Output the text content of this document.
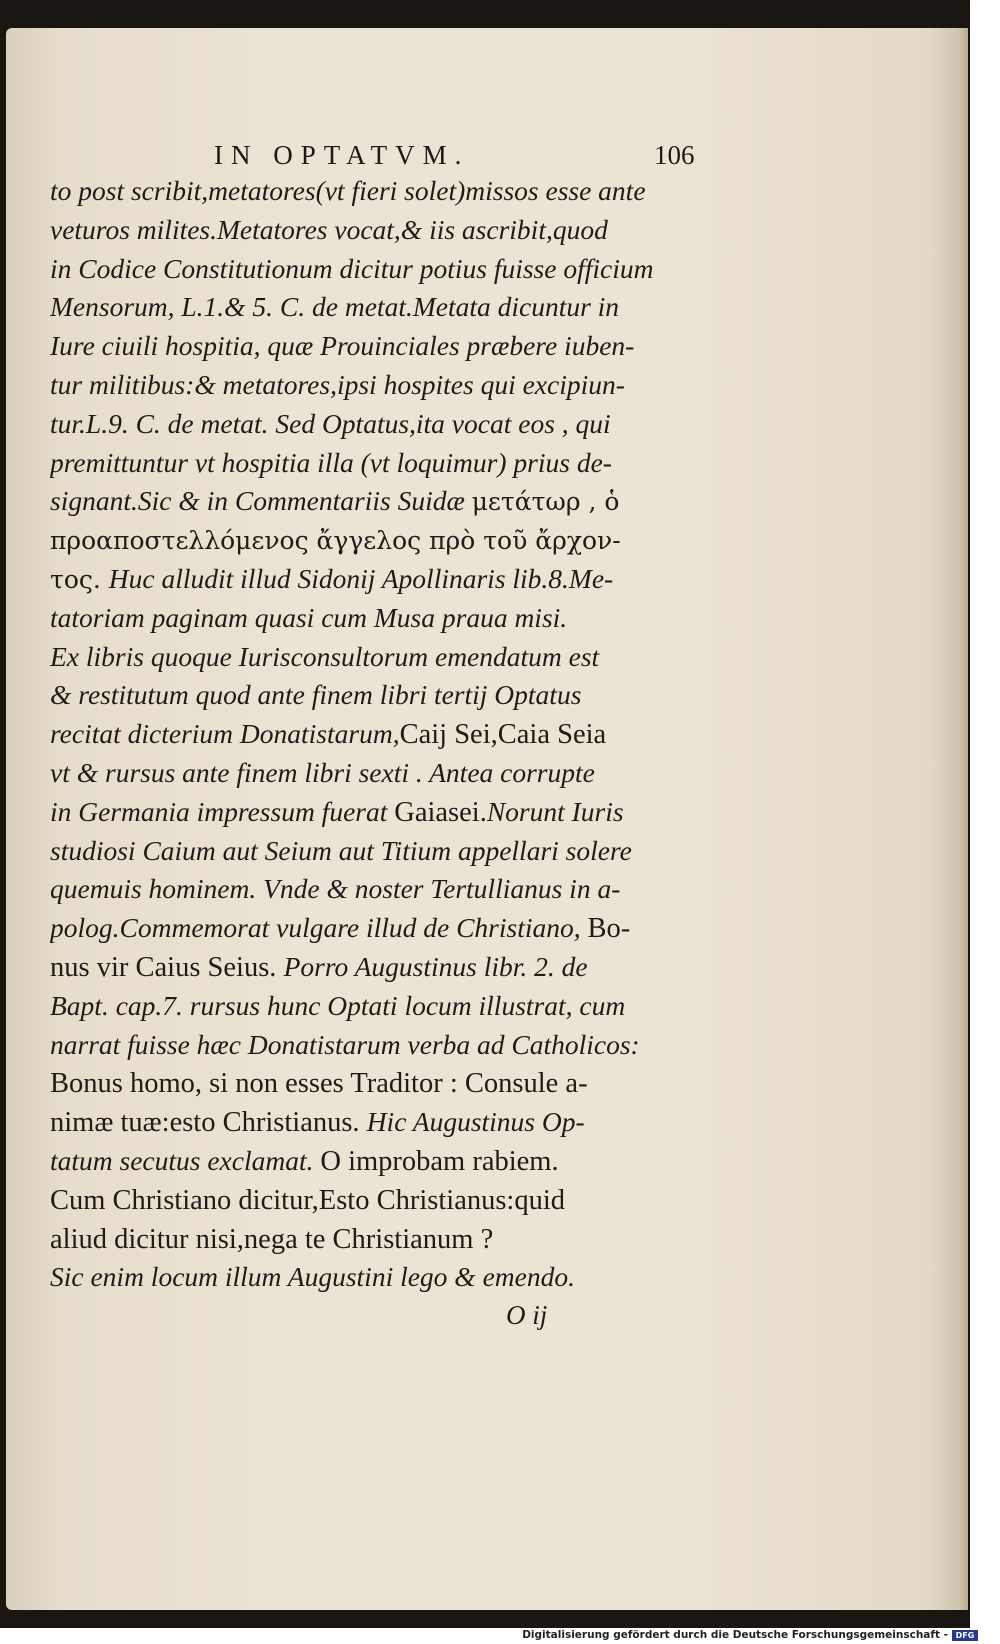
IN OPTATVM.	106
to post scribit,metatores(vt fieri solet)missos esse ante
veturos milites.Metatores vocat,& iis ascribit,quod
in Codice Constitutionum dicitur potius fuisse officium
Mensorum, L.1.& 5. C. de metat.Metata dicuntur in
Iure ciuili hospitia, quæ Prouinciales præbere iuben-
tur militibus:& metatores,ipsi hospites qui excipiun-
tur.L.9. C. de metat. Sed Optatus,ita vocat eos , qui
premittuntur vt hospitia illa (vt loquimur) prius de-
signant.Sic & in Commentariis Suidæ μετάτωρ , ὁ
προαποστελλόμενος ἄγγελος πρὸ τοῦ ἄρχον-
τος. Huc alludit illud Sidonij Apollinaris lib.8.Me-
tatoriam paginam quasi cum Musa praua misi.
Ex libris quoque Iurisconsultorum emendatum est
& restitutum quod ante finem libri tertij Optatus
recitat dicterium Donatistarum,Caij Sei,Caia Seia
vt & rursus ante finem libri sexti . Antea corrupte
in Germania impressum fuerat Gaiasei.Norunt Iuris
studiosi Caium aut Seium aut Titium appellari solere
quemuis hominem. Vnde & noster Tertullianus in a-
polog.Commemorat vulgare illud de Christiano, Bo-
nus vir Caius Seius. Porro Augustinus libr. 2. de
Bapt. cap.7. rursus hunc Optati locum illustrat, cum
narrat fuisse hæc Donatistarum verba ad Catholicos:
Bonus homo, si non esses Traditor : Consule a-
nimæ tuæ:esto Christianus. Hic Augustinus Op-
tatum secutus exclamat. O improbam rabiem.
Cum Christiano dicitur,Esto Christianus:quid
aliud dicitur nisi,nega te Christianum ?
Sic enim locum illum Augustini lego & emendo.
O ij
Digitalisierung gefördert durch die Deutsche Forschungsgemeinschaft - DFG
